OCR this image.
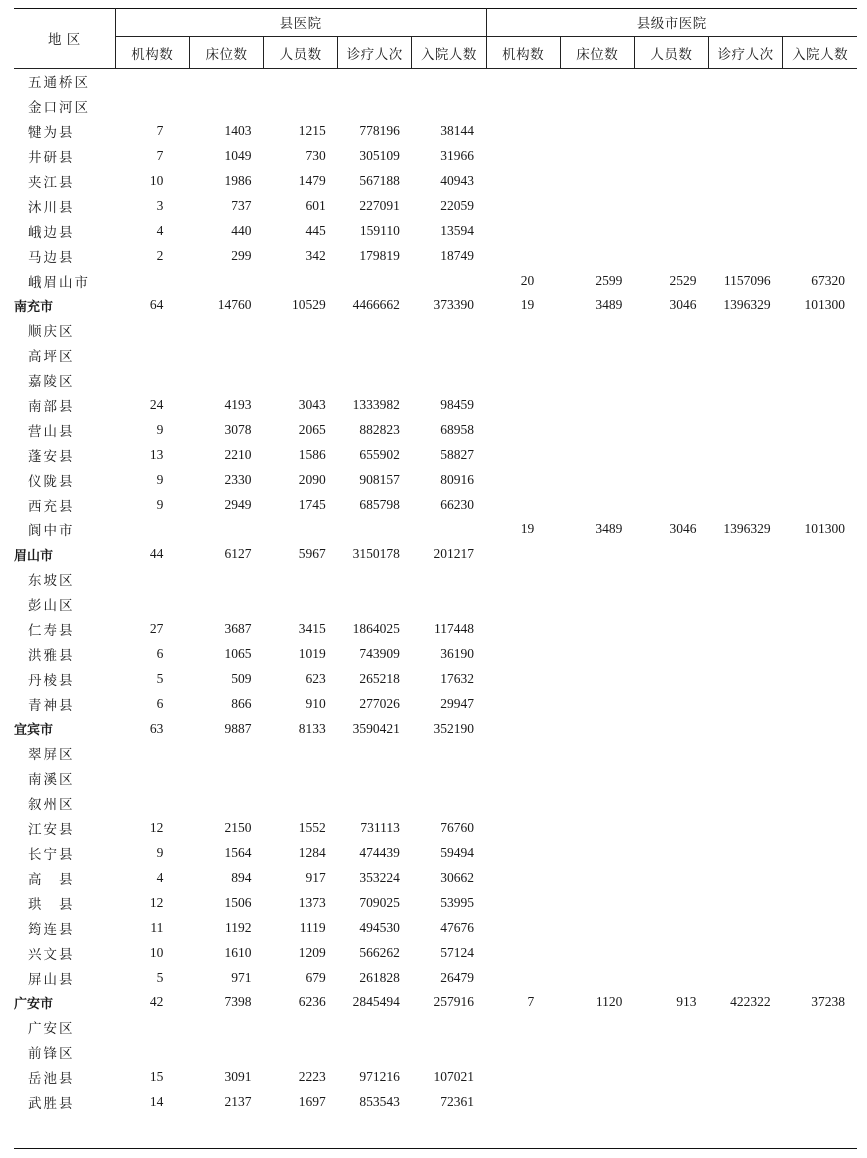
地 区	县医院					县级市医院				
	机构数	床位数	人员数	诊疗人次	入院人数	机构数	床位数	人员数	诊疗人次	入院人数
五通桥区										
金口河区										
犍为县	7	1403	1215	778196	38144					
井研县	7	1049	730	305109	31966					
夹江县	10	1986	1479	567188	40943					
沐川县	3	737	601	227091	22059					
峨边县	4	440	445	159110	13594					
马边县	2	299	342	179819	18749					
峨眉山市						20	2599	2529	1157096	67320
南充市	64	14760	10529	4466662	373390	19	3489	3046	1396329	101300
顺庆区										
高坪区										
嘉陵区										
南部县	24	4193	3043	1333982	98459					
营山县	9	3078	2065	882823	68958					
蓬安县	13	2210	1586	655902	58827					
仪陇县	9	2330	2090	908157	80916					
西充县	9	2949	1745	685798	66230					
阆中市						19	3489	3046	1396329	101300
眉山市	44	6127	5967	3150178	201217					
东坡区										
彭山区										
仁寿县	27	3687	3415	1864025	117448					
洪雅县	6	1065	1019	743909	36190					
丹棱县	5	509	623	265218	17632					
青神县	6	866	910	277026	29947					
宜宾市	63	9887	8133	3590421	352190					
翠屏区										
南溪区										
叙州区										
江安县	12	2150	1552	731113	76760					
长宁县	9	1564	1284	474439	59494					
高　县	4	894	917	353224	30662					
珙　县	12	1506	1373	709025	53995					
筠连县	11	1192	1119	494530	47676					
兴文县	10	1610	1209	566262	57124					
屏山县	5	971	679	261828	26479					
广安市	42	7398	6236	2845494	257916	7	1120	913	422322	37238
广安区										
前锋区										
岳池县	15	3091	2223	971216	107021					
武胜县	14	2137	1697	853543	72361					
